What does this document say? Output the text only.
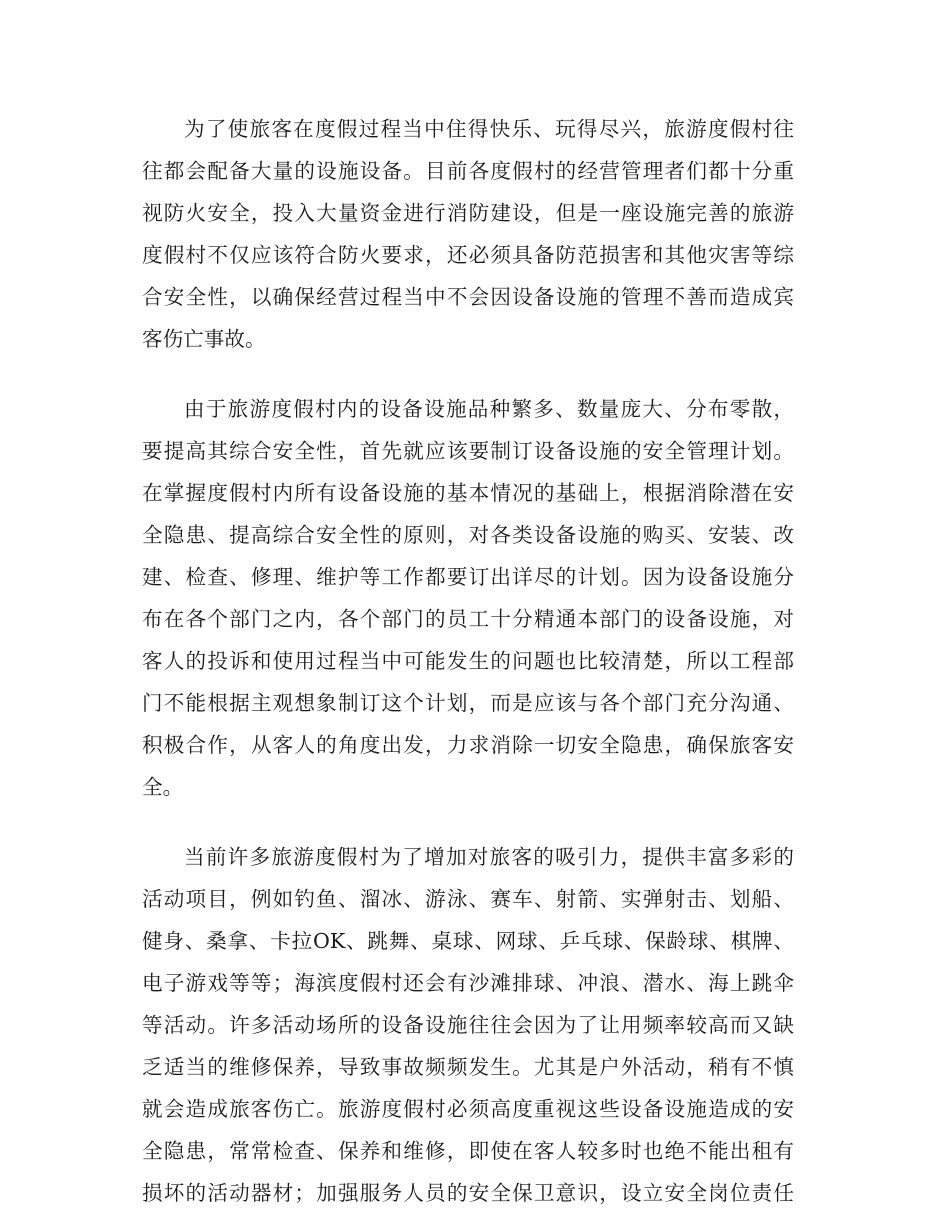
为了使旅客在度假过程当中住得快乐、玩得尽兴，旅游度假村往
往都会配备大量的设施设备。目前各度假村的经营管理者们都十分重
视防火安全，投入大量资金进行消防建设，但是一座设施完善的旅游
度假村不仅应该符合防火要求，还必须具备防范损害和其他灾害等综
合安全性，以确保经营过程当中不会因设备设施的管理不善而造成宾
客伤亡事故。
由于旅游度假村内的设备设施品种繁多、数量庞大、分布零散，
要提高其综合安全性，首先就应该要制订设备设施的安全管理计划。
在掌握度假村内所有设备设施的基本情况的基础上，根据消除潜在安
全隐患、提高综合安全性的原则，对各类设备设施的购买、安装、改
建、检查、修理、维护等工作都要订出详尽的计划。因为设备设施分
布在各个部门之内，各个部门的员工十分精通本部门的设备设施，对
客人的投诉和使用过程当中可能发生的问题也比较清楚，所以工程部
门不能根据主观想象制订这个计划，而是应该与各个部门充分沟通、
积极合作，从客人的角度出发，力求消除一切安全隐患，确保旅客安
全。
当前许多旅游度假村为了增加对旅客的吸引力，提供丰富多彩的
活动项目，例如钓鱼、溜冰、游泳、赛车、射箭、实弹射击、划船、
健身、桑拿、卡拉OK、跳舞、桌球、网球、乒乓球、保龄球、棋牌、
电子游戏等等；海滨度假村还会有沙滩排球、冲浪、潜水、海上跳伞
等活动。许多活动场所的设备设施往往会因为了让用频率较高而又缺
乏适当的维修保养，导致事故频频发生。尤其是户外活动，稍有不慎
就会造成旅客伤亡。旅游度假村必须高度重视这些设备设施造成的安
全隐患，常常检查、保养和维修，即使在客人较多时也绝不能出租有
损坏的活动器材；加强服务人员的安全保卫意识，设立安全岗位责任
